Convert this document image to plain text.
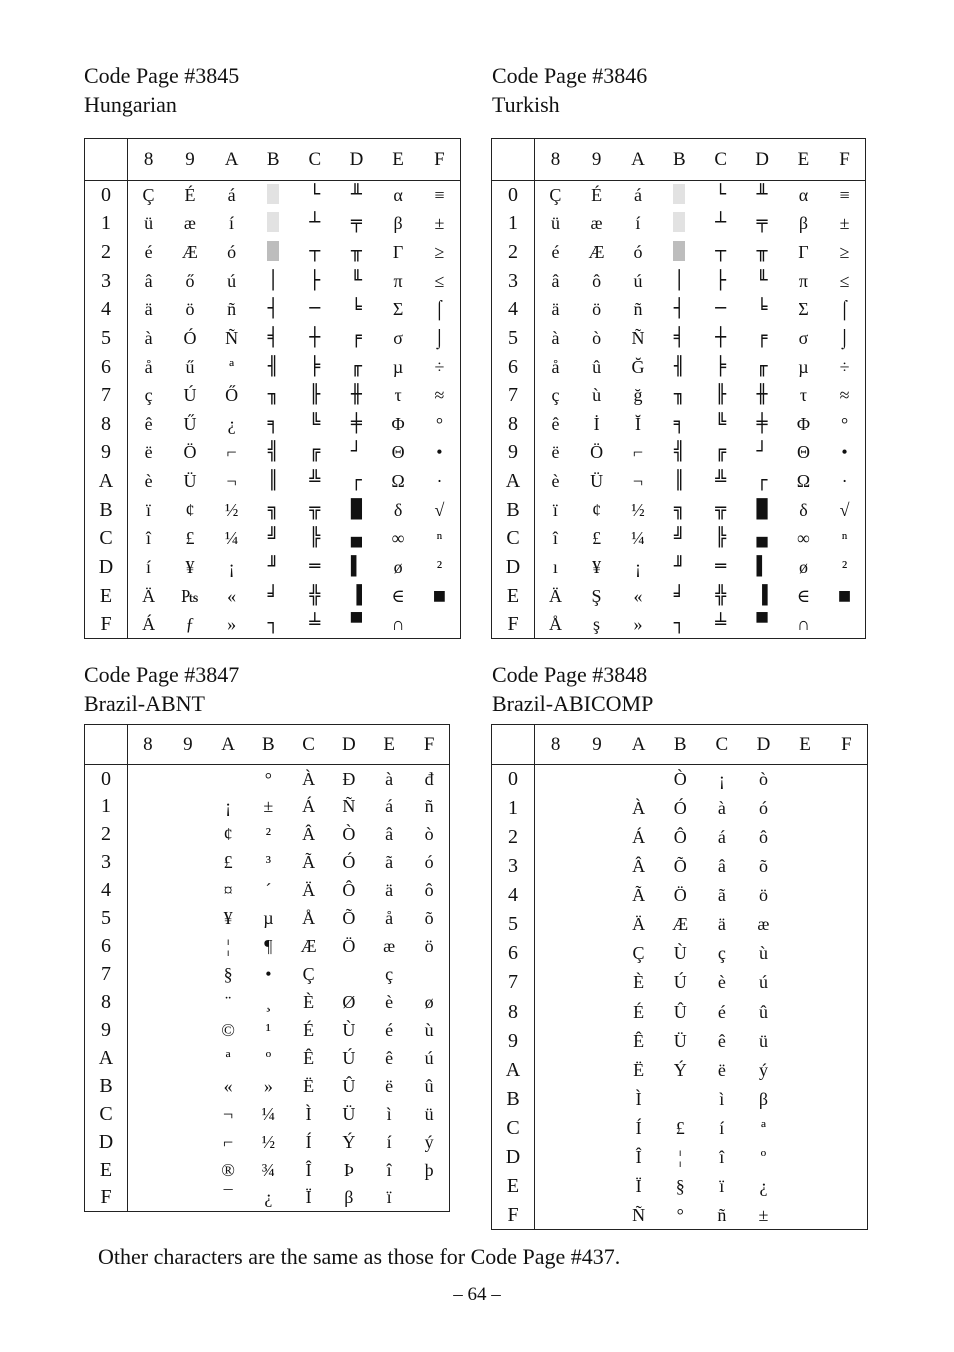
Code Page #3845
Hungarian
Code Page #3846
Turkish
Code Page #3847
Brazil-ABNT
Code Page #3848
Brazil-ABICOMP
	8	9	A	B	C	D	E	F
0	Ç	É	á		└	╨	α	≡
1	ü	æ	í		┴	╤	β	±
2	é	Æ	ó		┬	╥	Γ	≥
3	â	ő	ú	│	├	╙	π	≤
4	ä	ö	ñ	┤	─	╘	Σ	⌠
5	à	Ó	Ñ	╡	┼	╒	σ	⌡
6	å	ű	ª	╢	╞	╓	µ	÷
7	ç	Ú	Ő	╖	╟	╫	τ	≈
8	ê	Ű	¿	╕	╚	╪	Φ	°
9	ë	Ö	⌐	╣	╔	┘	Θ	•
A	è	Ü	¬	║	╩	┌	Ω	·
B	ï	¢	½	╗	╦	█	δ	√
C	î	£	¼	╝	╠	▄	∞	ⁿ
D	í	¥	¡	╜	═	▌	ø	²
E	Ä	₧	«	╛	╬	▐	∈	■
F	Á	ƒ	»	┐	╧	▀	∩	
	8	9	A	B	C	D	E	F
0	Ç	É	á		└	╨	α	≡
1	ü	æ	í		┴	╤	β	±
2	é	Æ	ó		┬	╥	Γ	≥
3	â	ô	ú	│	├	╙	π	≤
4	ä	ö	ñ	┤	─	╘	Σ	⌠
5	à	ò	Ñ	╡	┼	╒	σ	⌡
6	å	û	Ğ	╢	╞	╓	µ	÷
7	ç	ù	ğ	╖	╟	╫	τ	≈
8	ê	İ	Ĭ	╕	╚	╪	Φ	°
9	ë	Ö	⌐	╣	╔	┘	Θ	•
A	è	Ü	¬	║	╩	┌	Ω	·
B	ï	¢	½	╗	╦	█	δ	√
C	î	£	¼	╝	╠	▄	∞	ⁿ
D	ı	¥	¡	╜	═	▌	ø	²
E	Ä	Ş	«	╛	╬	▐	∈	■
F	Å	ş	»	┐	╧	▀	∩	
	8	9	A	B	C	D	E	F
0				°	À	Ð	à	đ
1			¡	±	Á	Ñ	á	ñ
2			¢	²	Â	Ò	â	ò
3			£	³	Ã	Ó	ã	ó
4			¤	´	Ä	Ô	ä	ô
5			¥	µ	Å	Õ	å	õ
6			¦	¶	Æ	Ö	æ	ö
7			§	•	Ç		ç	
8			¨	¸	È	Ø	è	ø
9			©	¹	É	Ù	é	ù
A			ª	º	Ê	Ú	ê	ú
B			«	»	Ë	Û	ë	û
C			¬	¼	Ì	Ü	ì	ü
D			⌐	½	Í	Ý	í	ý
E			®	¾	Î	Þ	î	þ
F			¯	¿	Ï	β	ï	
	8	9	A	B	C	D	E	F
0				Ò	¡	ò		
1			À	Ó	à	ó		
2			Á	Ô	á	ô		
3			Â	Õ	â	õ		
4			Ã	Ö	ã	ö		
5			Ä	Æ	ä	æ		
6			Ç	Ù	ç	ù		
7			È	Ú	è	ú		
8			É	Û	é	û		
9			Ê	Ü	ê	ü		
A			Ë	Ý	ë	ý		
B			Ì		ì	β		
C			Í	£	í	ª		
D			Î	¦	î	º		
E			Ï	§	ï	¿		
F			Ñ	°	ñ	±		
Other characters are the same as those for Code Page #437.
– 64 –
